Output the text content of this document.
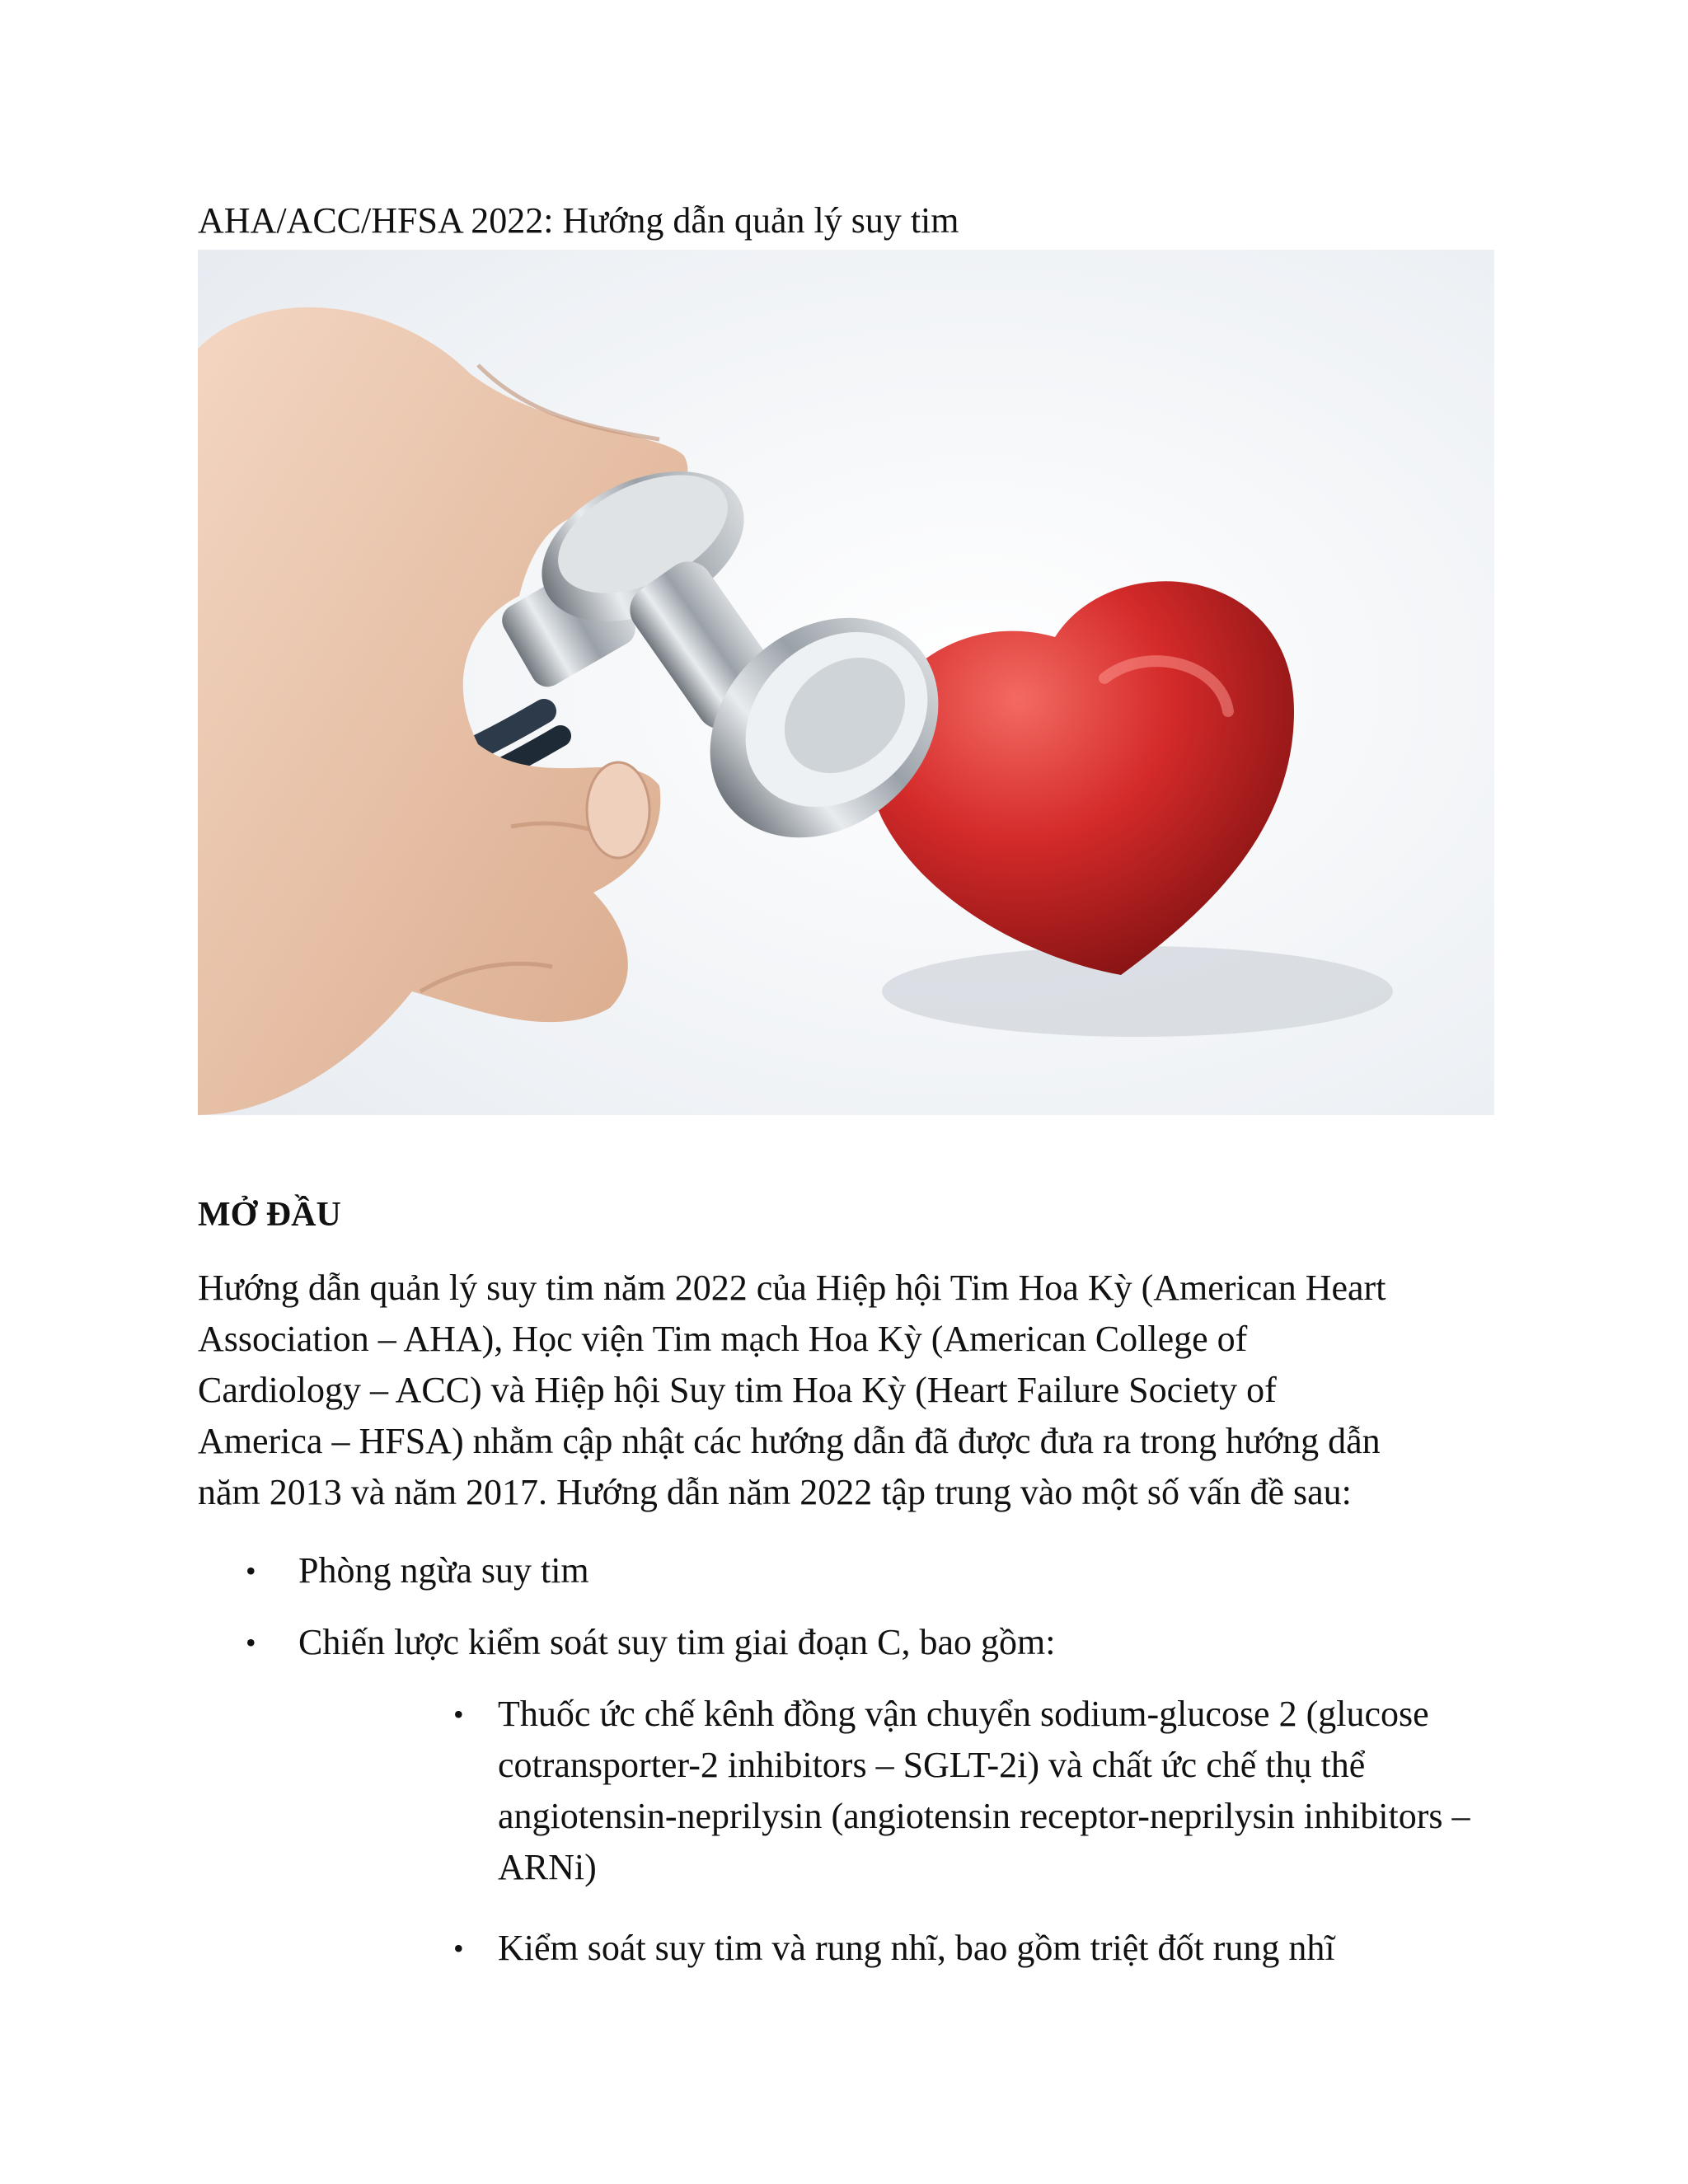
AHA/ACC/HFSA 2022: Hướng dẫn quản lý suy tim
MỞ ĐẦU
Hướng dẫn quản lý suy tim năm 2022 của Hiệp hội Tim Hoa Kỳ (American Heart
Association – AHA), Học viện Tim mạch Hoa Kỳ (American College of
Cardiology – ACC) và Hiệp hội Suy tim Hoa Kỳ (Heart Failure Society of
America – HFSA) nhằm cập nhật các hướng dẫn đã được đưa ra trong hướng dẫn
năm 2013 và năm 2017. Hướng dẫn năm 2022 tập trung vào một số vấn đề sau:
• Phòng ngừa suy tim
• Chiến lược kiểm soát suy tim giai đoạn C, bao gồm:
• Thuốc ức chế kênh đồng vận chuyển sodium-glucose 2 (glucose
cotransporter-2 inhibitors – SGLT-2i) và chất ức chế thụ thể
angiotensin-neprilysin (angiotensin receptor-neprilysin inhibitors –
ARNi)
• Kiểm soát suy tim và rung nhĩ, bao gồm triệt đốt rung nhĩ
